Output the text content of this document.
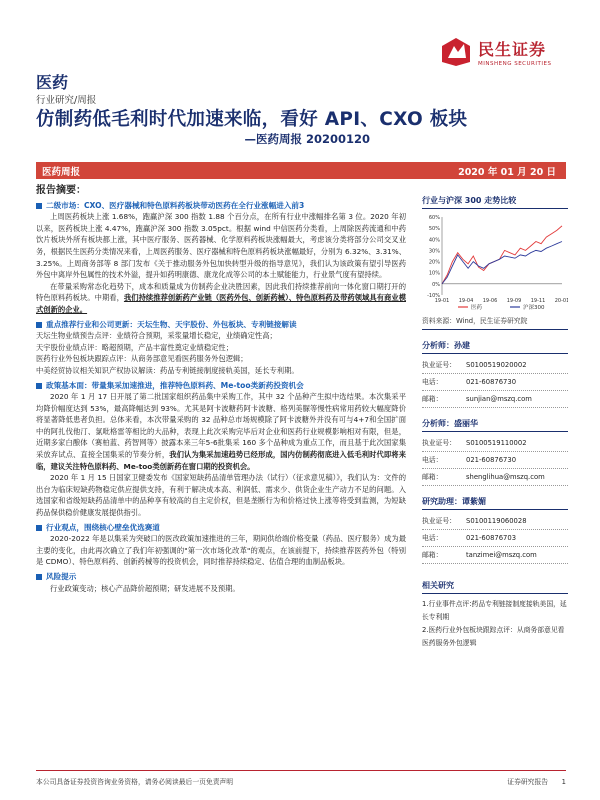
民生证券
MINSHENG SECURITIES
医药
行业研究/周报
仿制药低毛利时代加速来临，看好 API、CXO 板块
—医药周报 20200120
医药周报	2020 年 01 月 20 日
报告摘要：
二级市场：CXO、医疗器械和特色原料药板块带动医药在全行业涨幅进入前3
上周医药板块上涨 1.68%，跑赢沪深 300 指数 1.88 个百分点，在所有行业中涨幅排名第 3 位。2020 年初以来，医药板块上涨 4.47%，跑赢沪深 300 指数 3.05pct。根据 wind 中信医药分类看，上周除医药流通和中药饮片板块外所有板块都上涨，其中医疗服务、医药器械、化学原料药板块涨幅最大，考虑该分类将部分公司交叉业务，根据民生医药分类情况来看，上周医药服务、医疗器械和特色原料药板块涨幅最好，分别为 6.32%、3.31%、3.25%。上周商务部等 8 部门发布《关于推动服务外包加快转型升级的指导意见》，我们认为该政策有望引导医药外包中离岸外包属性的技术外溢，提升如药明康德、康龙化成等公司的本土赋能能力，行业景气度有望持续。
在带量采购常态化趋势下，成本和质量成为仿制药企业决胜因素，因此我们持续推荐前向一体化窗口期打开的特色原料药板块。中期看，我们持续推荐创新药产业链（医药外包、创新药械）、特色原料药及带药领域具有商业模式创新的企业。
重点推荐行业和公司更新：天坛生物、天宇股份、外包板块、专利链接解读
天坛生物业绩预告点评：业绩符合预期，采浆量增长稳定，业绩确定性高；
天宇股份业绩点评：略超预期，产品丰富性奠定业绩稳定性；
医药行业外包板块跟踪点评：从商务部意见看医药服务外包逻辑；
中美经贸协议相关知识产权协议解读：药品专利链接制度接轨美国，延长专利期。
政策基本面：带量集采加速推进，推荐特色原料药、Me-too类新药投资机会
2020 年 1 月 17 日开展了第二批国家组织药品集中采购工作，其中 32 个品种产生拟中选结果。本次集采平均降价幅度达到 53%，最高降幅达到 93%。尤其是阿卡波糖药阿卡波糖、格列美脲等慢性病常用药较大幅度降价将显著降低患者负担。总体来看，本次带量采购的 32 品种总市场规模除了阿卡波糖外并没有可与4+7和全国扩面中的阿扎伐他汀、氯吡格雷等相比的大品种，表现上此次采购完毕后对企业和医药行业规模影响相对有限，但是，近期多家白酿体（赛柏蓝、药智网等）披露本来三年5-6批集采 160 多个品种成为重点工作，而且基于此次国家集采放弃试点、直接全国集采的节奏分析，我们认为集采加速趋势已经形成，国内仿制药彻底进入低毛利时代即将来临，建议关注特色原料药、Me-too类创新药在窗口期的投资机会。
2020 年 1 月 15 日国家卫健委发布《国家短缺药品清单管理办法（试行）（征求意见稿）》，我们认为：文件的出台为临床短缺药物稳定供应提供支持，有利于解决成本高、利润低、需求少、供货企业生产动力不足的问题。入选国家和省级短缺药品清单中的品种享有较高的自主定价权，但是垄断行为和价格过快上涨等将受到监测，为短缺药品保供稳价健康发展提供指引。
行业观点，围绕核心壁垒优选赛道
2020-2022 年是以集采为突破口的医改政策加速推进的三年，期间供给端价格变量（药品、医疗服务）成为最主要的变化，由此再次确立了我们年初强调的"第一次市场化改革"的观点，在该前提下，持续推荐医药外包（特别是 CDMO）、特色原料药、创新药械等的投资机会，同时推荐持续稳定、估值合理的血制品板块。
风险提示
行业政策变动；核心产品降价超预期；研发进展不及预期。
行业与沪深 300 走势比较
60%
50%
40%
30%
20%
10%
0%
-10%
19-01 19-04 19-06 19-09 19-11 20-01
医药	沪深300
资料来源：Wind，民生证券研究院
分析师：孙建
执业证号：	S0100519020002
电话：	021-60876730
邮箱：	sunjian@mszq.com
分析师：盛丽华
执业证号：	S0100519110002
电话：	021-60876730
邮箱：	shenglihua@mszq.com
研究助理：谭紫媚
执业证号：	S0100119060028
电话：	021-60876703
邮箱：	tanzimei@mszq.com
相关研究
1.行业事件点评:药品专利链接制度接轨美国，延长专利期
2.医药行业外包板块跟踪点评：从商务部意见看医药服务外包逻辑
本公司具备证券投资咨询业务资格，请务必阅读最后一页免责声明	证券研究报告　　1
